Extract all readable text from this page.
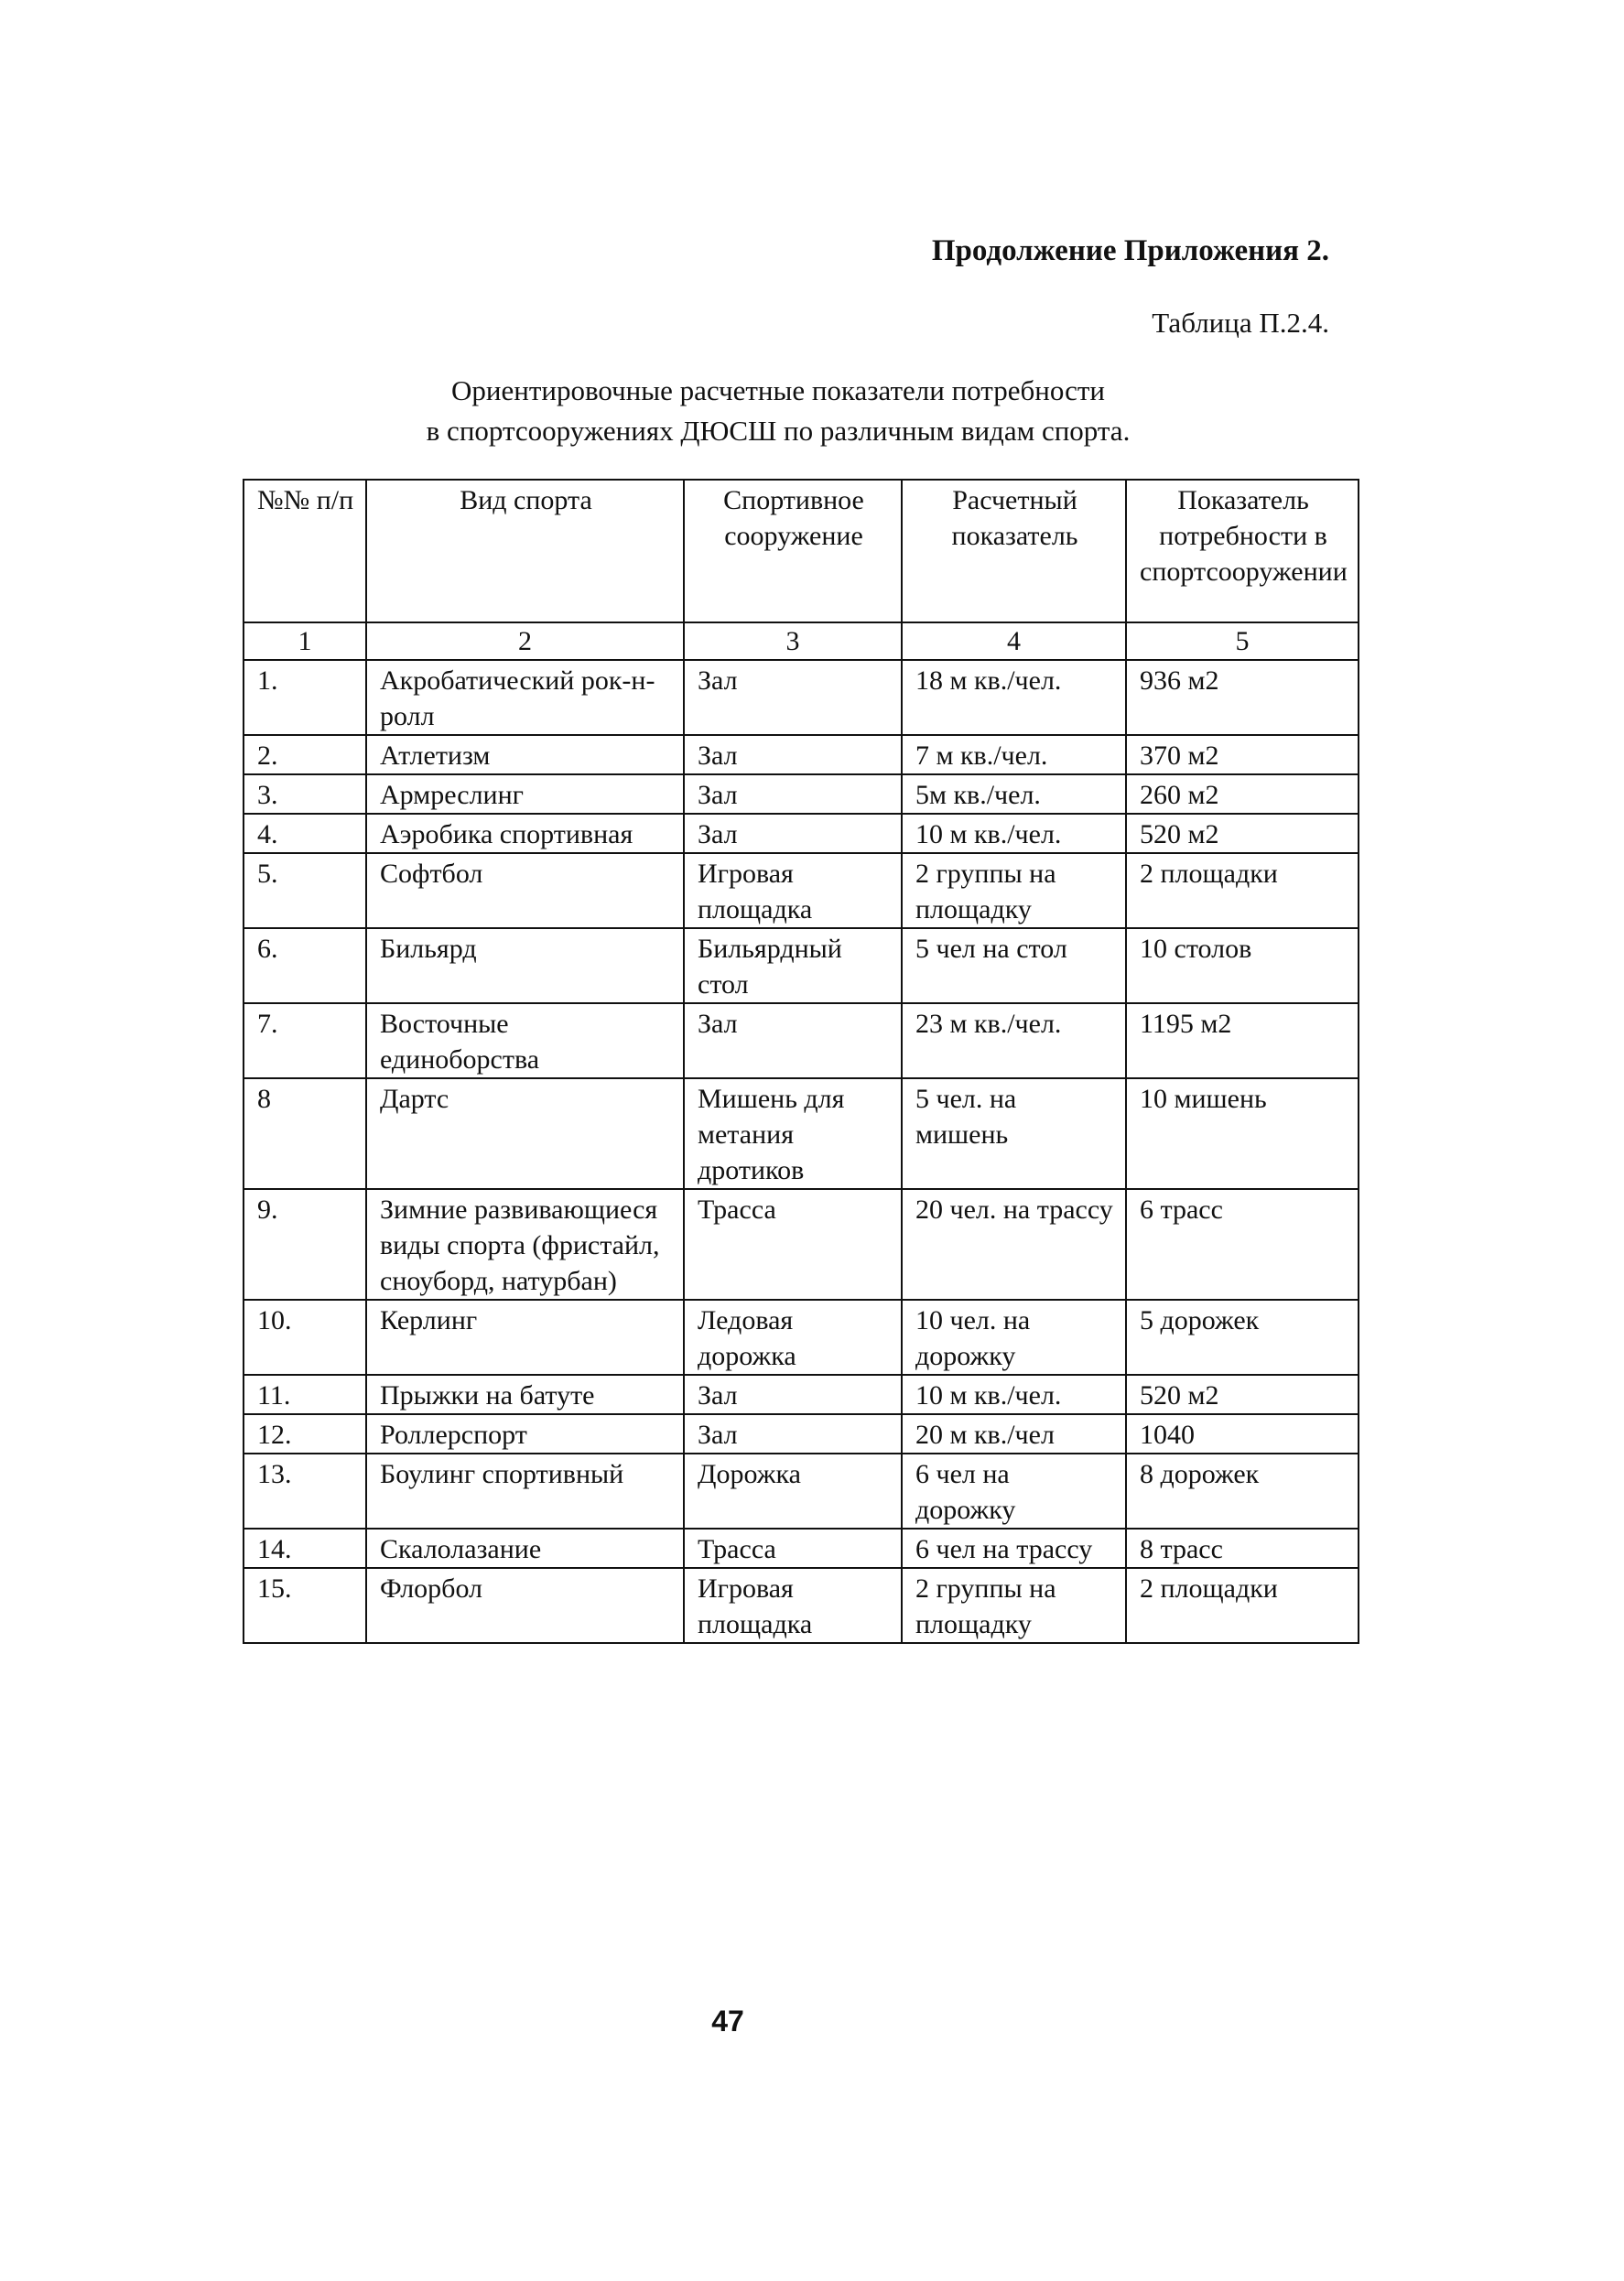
Продолжение Приложения 2.
Таблица П.2.4.
Ориентировочные расчетные показатели потребности
в спортсооружениях ДЮСШ по различным видам спорта.
№№ п/п	Вид спорта	Спортивное сооружение	Расчетный показатель	Показатель потребности в спортсооружении
1	2	3	4	5
1.	Акробатический рок-н-ролл	Зал	18 м кв./чел.	936 м2
2.	Атлетизм	Зал	7 м кв./чел.	370 м2
3.	Армреслинг	Зал	5м кв./чел.	260 м2
4.	Аэробика спортивная	Зал	10 м кв./чел.	520 м2
5.	Софтбол	Игровая площадка	2 группы на площадку	2 площадки
6.	Бильярд	Бильярдный стол	5 чел на стол	10 столов
7.	Восточные единоборства	Зал	23 м кв./чел.	1195 м2
8	Дартс	Мишень для метания дротиков	5 чел. на мишень	10 мишень
9.	Зимние развивающиеся виды спорта (фристайл, сноуборд, натурбан)	Трасса	20 чел. на трассу	6 трасс
10.	Керлинг	Ледовая дорожка	10 чел. на дорожку	5 дорожек
11.	Прыжки на батуте	Зал	10 м кв./чел.	520 м2
12.	Роллерспорт	Зал	20 м кв./чел	1040
13.	Боулинг спортивный	Дорожка	6 чел на дорожку	8 дорожек
14.	Скалолазание	Трасса	6 чел на трассу	8 трасс
15.	Флорбол	Игровая площадка	2 группы на площадку	2 площадки
47
